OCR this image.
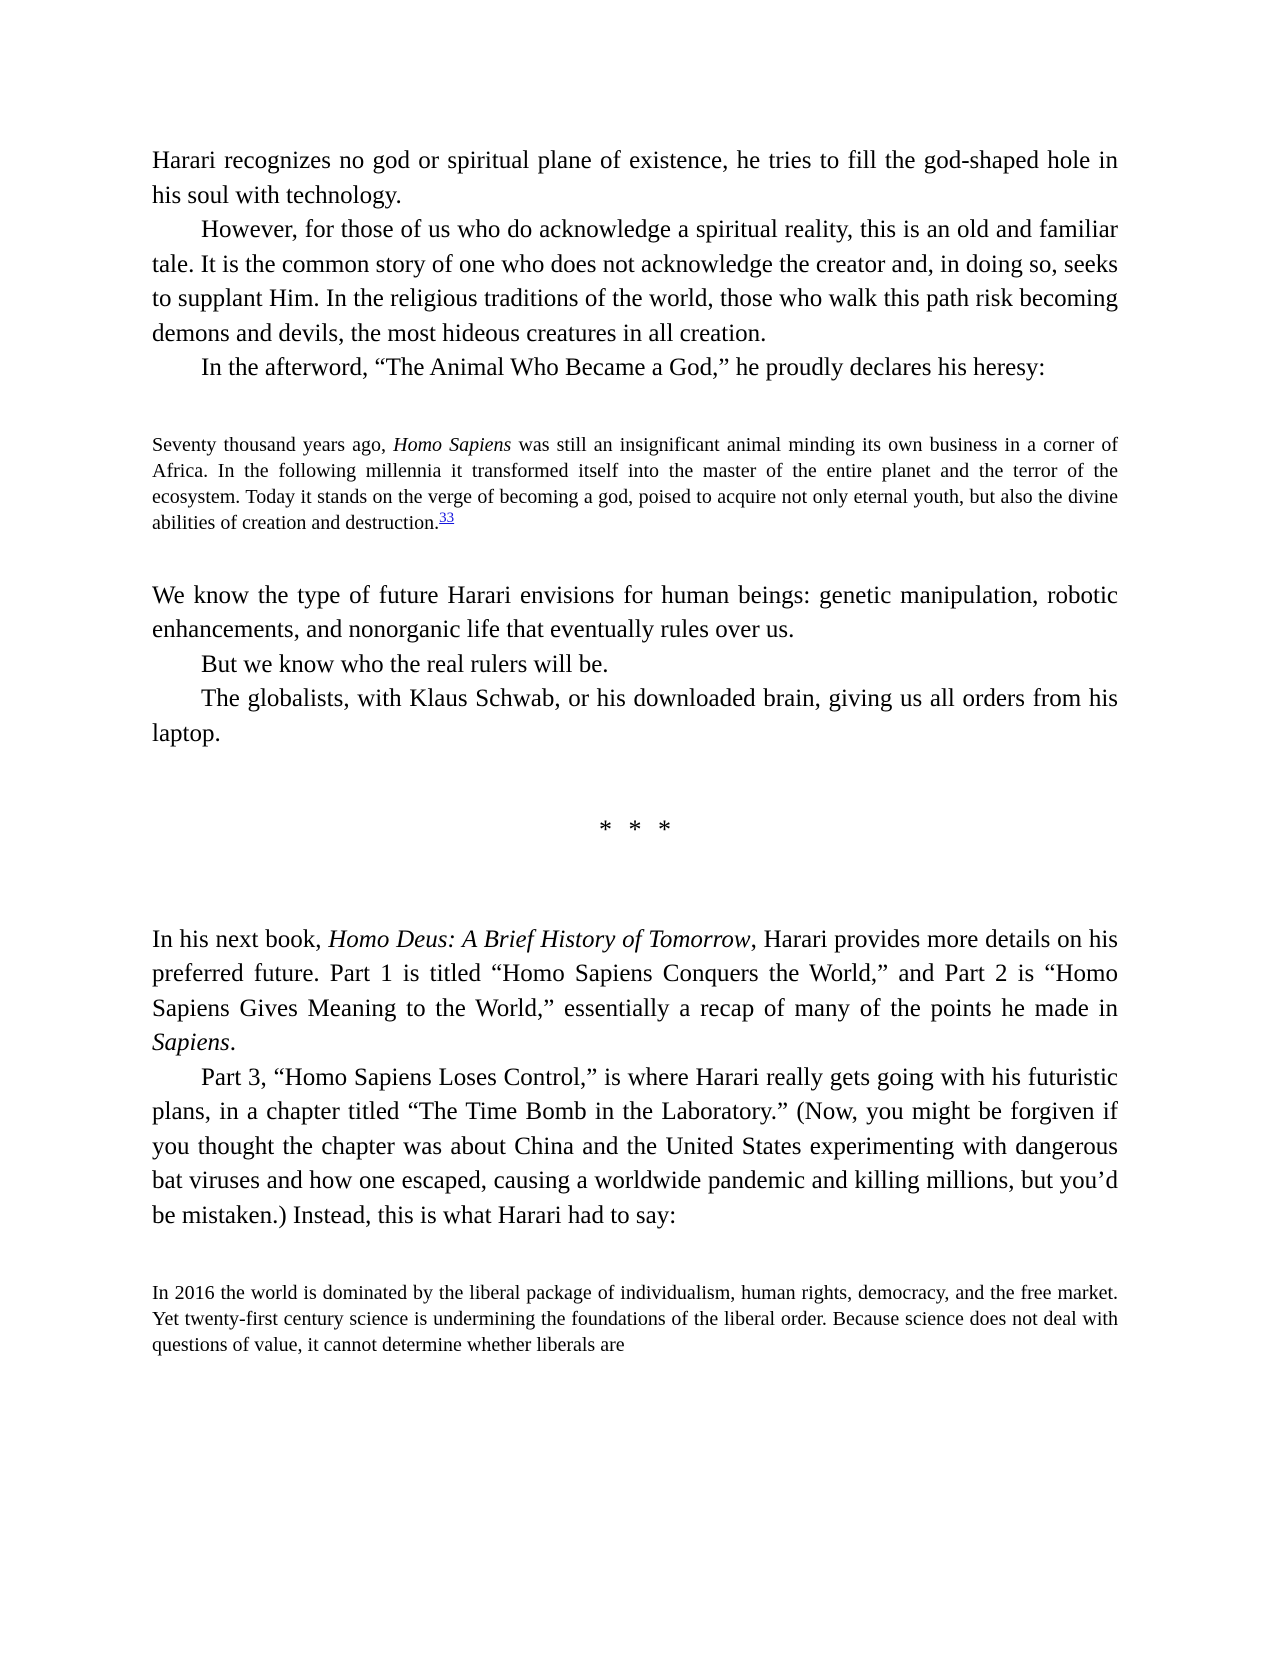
Harari recognizes no god or spiritual plane of existence, he tries to fill the god-shaped hole in his soul with technology.

However, for those of us who do acknowledge a spiritual reality, this is an old and familiar tale. It is the common story of one who does not acknowledge the creator and, in doing so, seeks to supplant Him. In the religious traditions of the world, those who walk this path risk becoming demons and devils, the most hideous creatures in all creation.

In the afterword, “The Animal Who Became a God,” he proudly declares his heresy:

Seventy thousand years ago, Homo Sapiens was still an insignificant animal minding its own business in a corner of Africa. In the following millennia it transformed itself into the master of the entire planet and the terror of the ecosystem. Today it stands on the verge of becoming a god, poised to acquire not only eternal youth, but also the divine abilities of creation and destruction.$^{33}$

We know the type of future Harari envisions for human beings: genetic manipulation, robotic enhancements, and nonorganic life that eventually rules over us.

But we know who the real rulers will be.

The globalists, with Klaus Schwab, or his downloaded brain, giving us all orders from his laptop.

* * *

In his next book, Homo Deus: A Brief History of Tomorrow, Harari provides more details on his preferred future. Part 1 is titled “Homo Sapiens Conquers the World,” and Part 2 is “Homo Sapiens Gives Meaning to the World,” essentially a recap of many of the points he made in Sapiens.

Part 3, “Homo Sapiens Loses Control,” is where Harari really gets going with his futuristic plans, in a chapter titled “The Time Bomb in the Laboratory.” (Now, you might be forgiven if you thought the chapter was about China and the United States experimenting with dangerous bat viruses and how one escaped, causing a worldwide pandemic and killing millions, but you’d be mistaken.) Instead, this is what Harari had to say:

In 2016 the world is dominated by the liberal package of individualism, human rights, democracy, and the free market. Yet twenty-first century science is undermining the foundations of the liberal order. Because science does not deal with questions of value, it cannot determine whether liberals are
